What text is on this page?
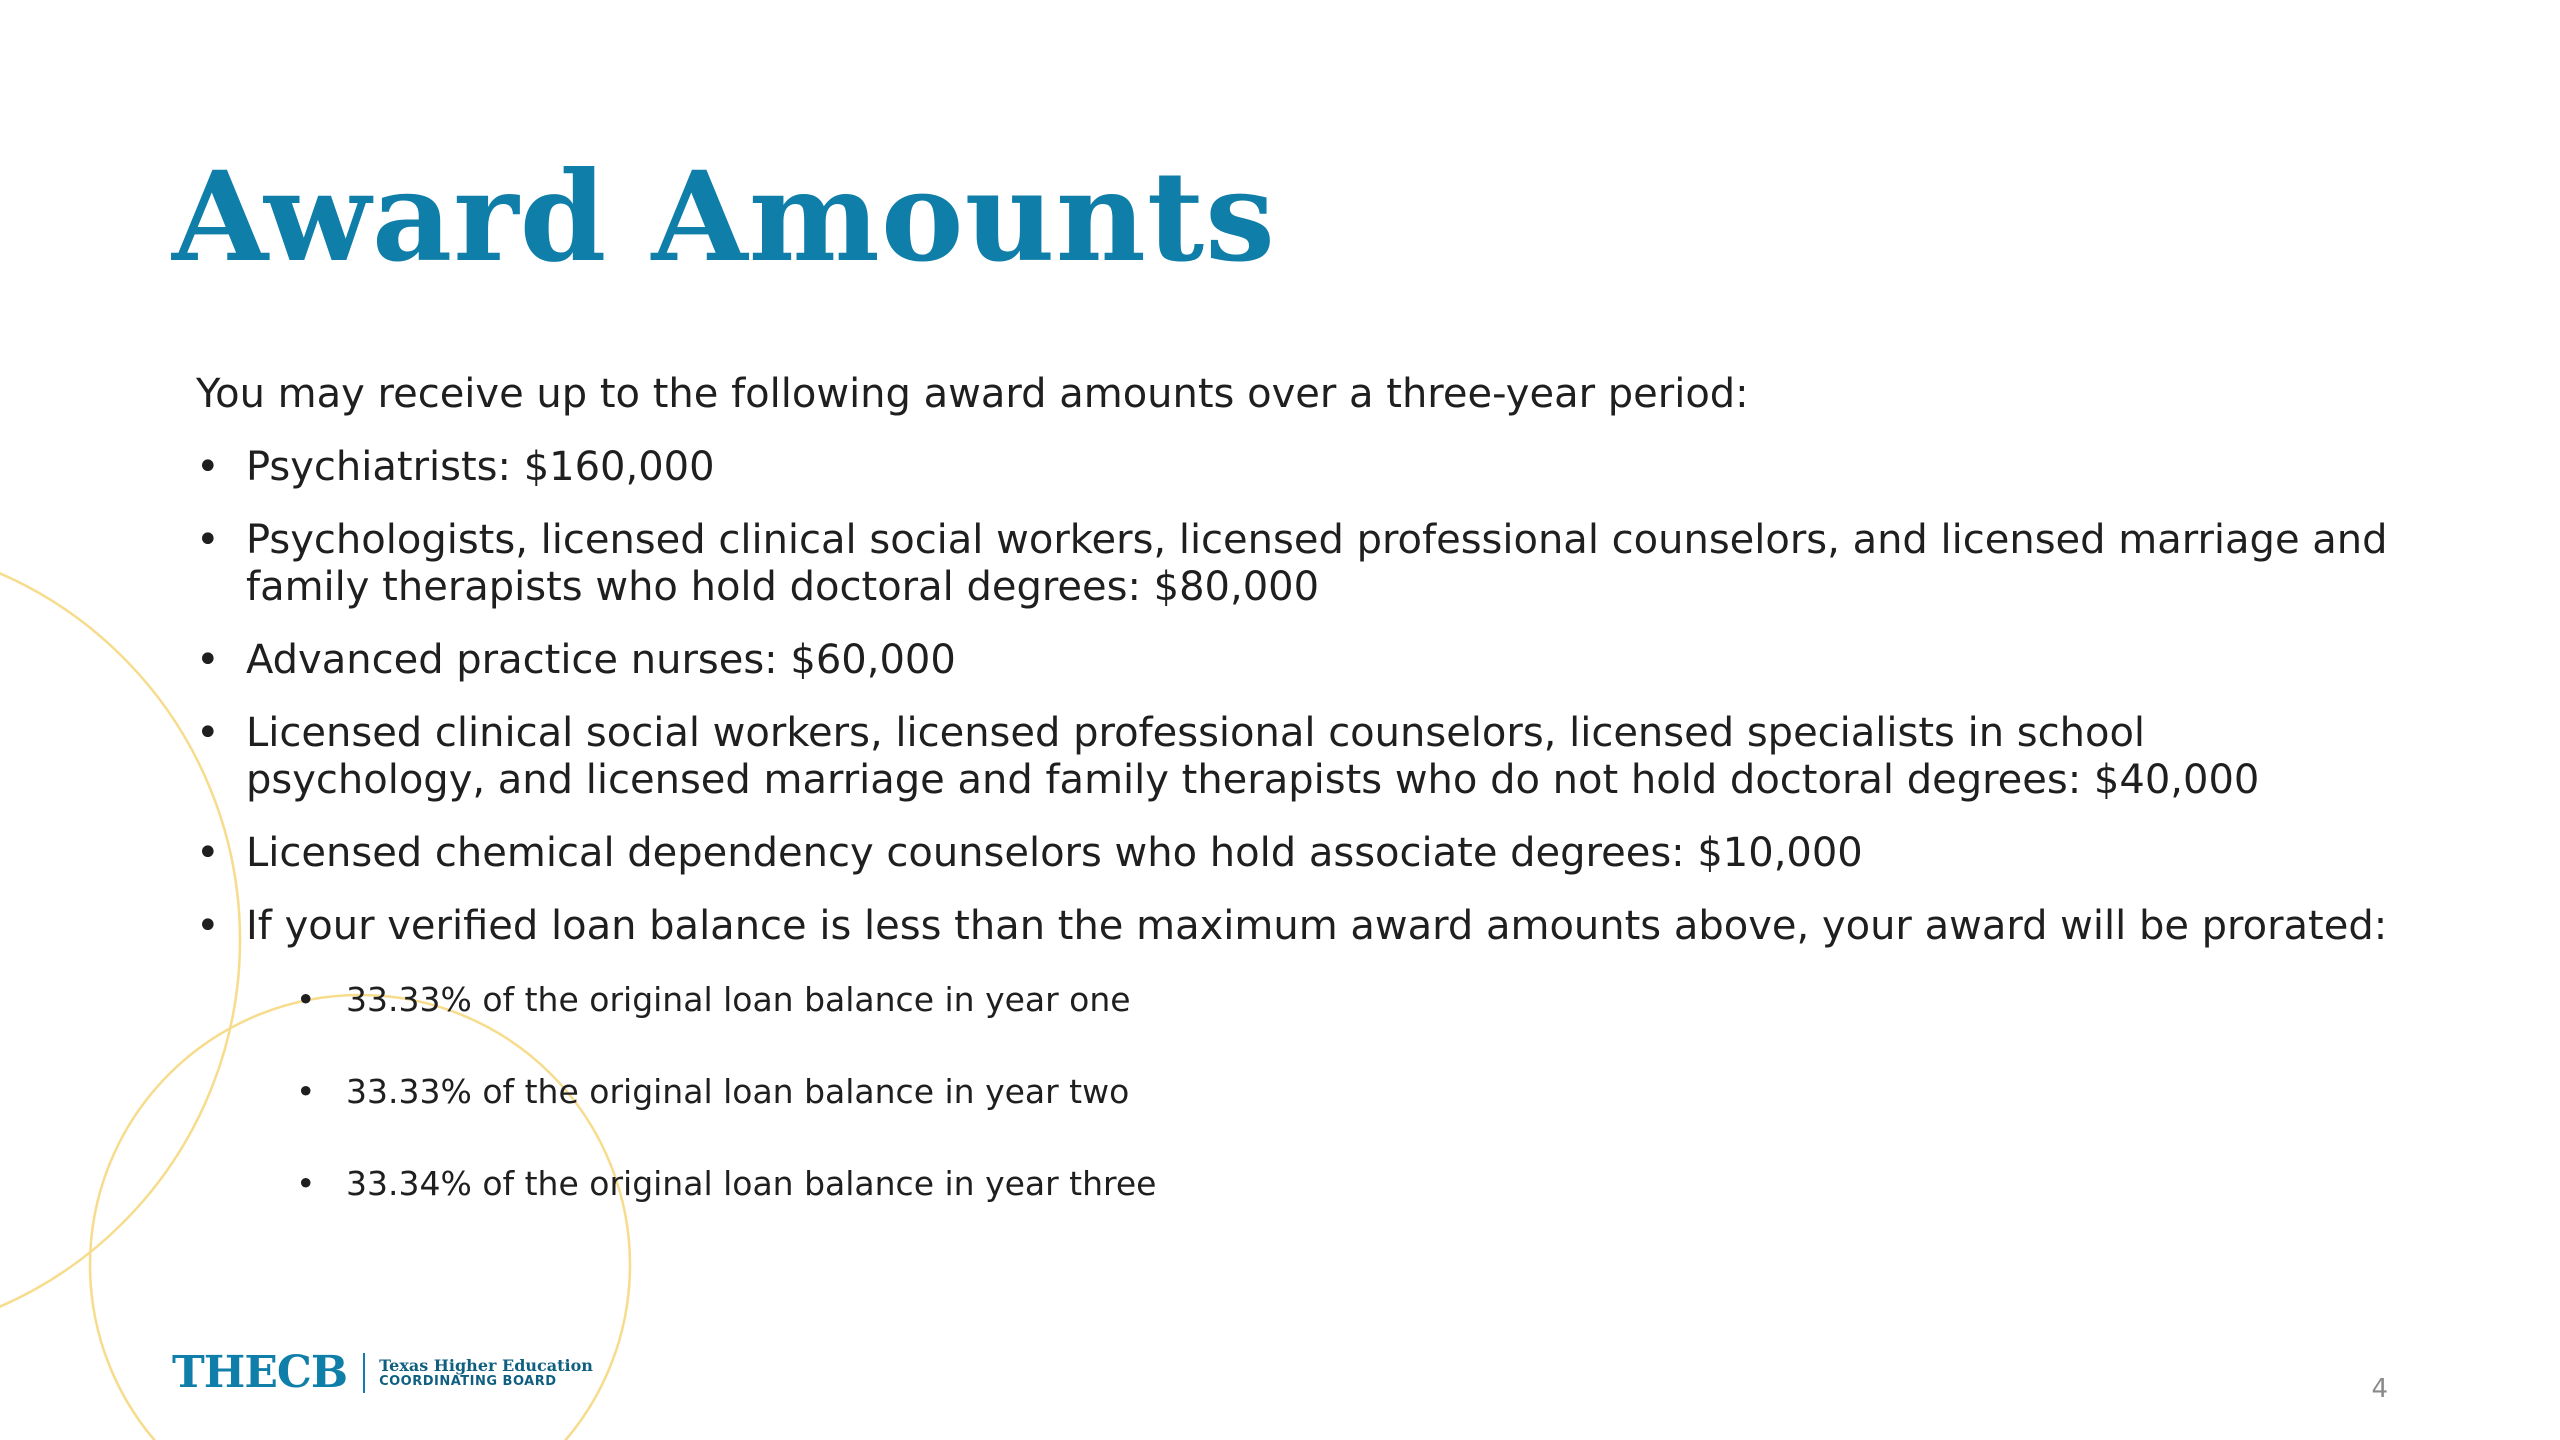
Award Amounts

You may receive up to the following award amounts over a three-year period:

• Psychiatrists: $160,000
• Psychologists, licensed clinical social workers, licensed professional counselors, and licensed marriage and family therapists who hold doctoral degrees: $80,000
• Advanced practice nurses: $60,000
• Licensed clinical social workers, licensed professional counselors, licensed specialists in school psychology, and licensed marriage and family therapists who do not hold doctoral degrees: $40,000
• Licensed chemical dependency counselors who hold associate degrees: $10,000
• If your verified loan balance is less than the maximum award amounts above, your award will be prorated:
• 33.33% of the original loan balance in year one
• 33.33% of the original loan balance in year two
• 33.34% of the original loan balance in year three
THECB Texas Higher Education
COORDINATING BOARD	4
